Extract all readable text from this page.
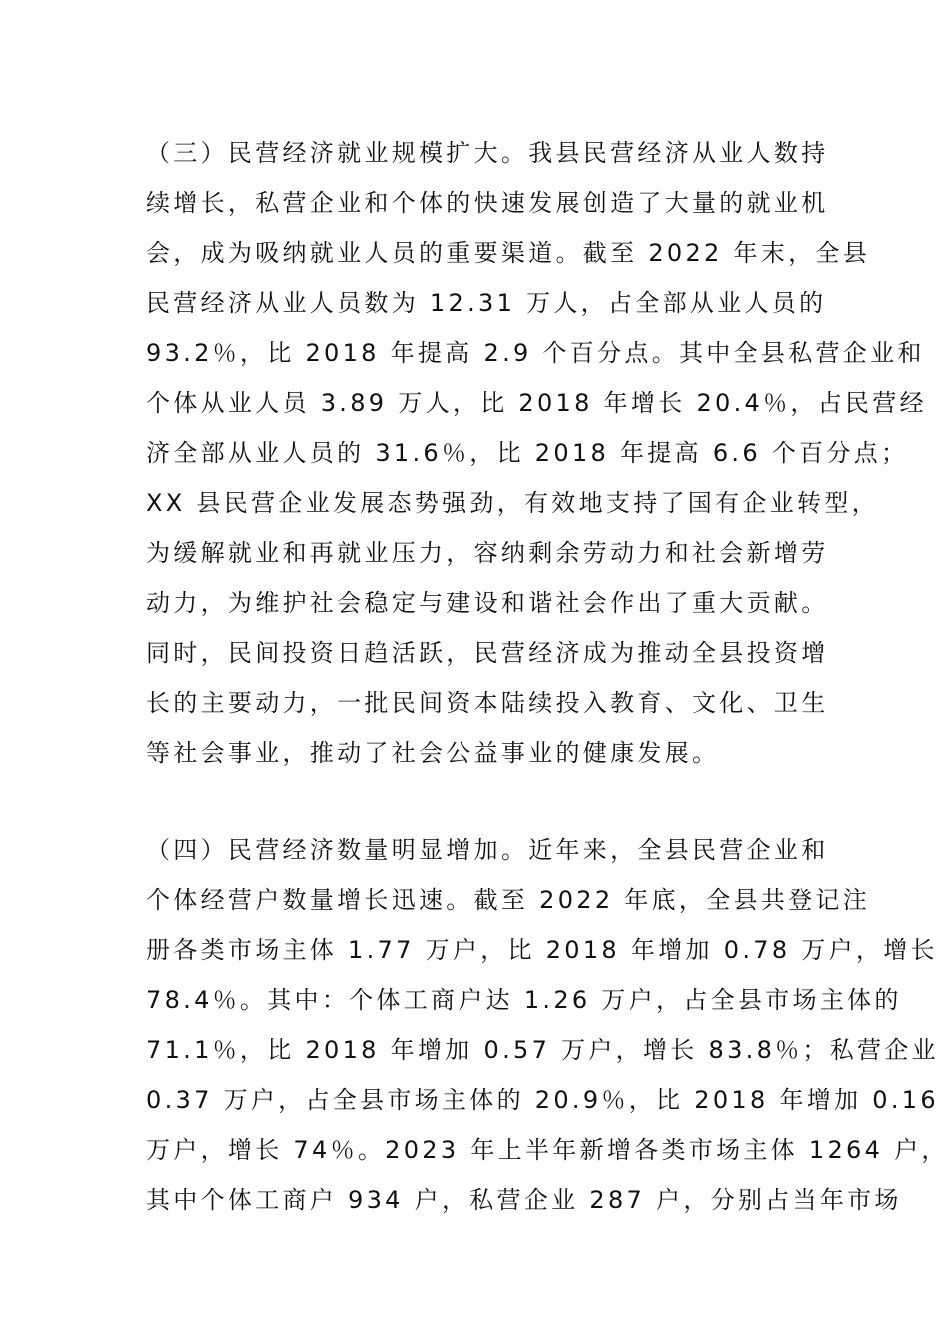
（三）民营经济就业规模扩大。我县民营经济从业人数持
续增长，私营企业和个体的快速发展创造了大量的就业机
会，成为吸纳就业人员的重要渠道。截至 2022 年末，全县
民营经济从业人员数为 12.31 万人，占全部从业人员的
93.2％，比 2018 年提高 2.9 个百分点。其中全县私营企业和
个体从业人员 3.89 万人，比 2018 年增长 20.4％，占民营经
济全部从业人员的 31.6％，比 2018 年提高 6.6 个百分点；
XX 县民营企业发展态势强劲，有效地支持了国有企业转型，
为缓解就业和再就业压力，容纳剩余劳动力和社会新增劳
动力，为维护社会稳定与建设和谐社会作出了重大贡献。
同时，民间投资日趋活跃，民营经济成为推动全县投资增
长的主要动力，一批民间资本陆续投入教育、文化、卫生
等社会事业，推动了社会公益事业的健康发展。
（四）民营经济数量明显增加。近年来，全县民营企业和
个体经营户数量增长迅速。截至 2022 年底，全县共登记注
册各类市场主体 1.77 万户，比 2018 年增加 0.78 万户，增长
78.4％。其中：个体工商户达 1.26 万户，占全县市场主体的
71.1％，比 2018 年增加 0.57 万户，增长 83.8％；私营企业
0.37 万户，占全县市场主体的 20.9％，比 2018 年增加 0.16
万户，增长 74％。2023 年上半年新增各类市场主体 1264 户，
其中个体工商户 934 户，私营企业 287 户，分别占当年市场
